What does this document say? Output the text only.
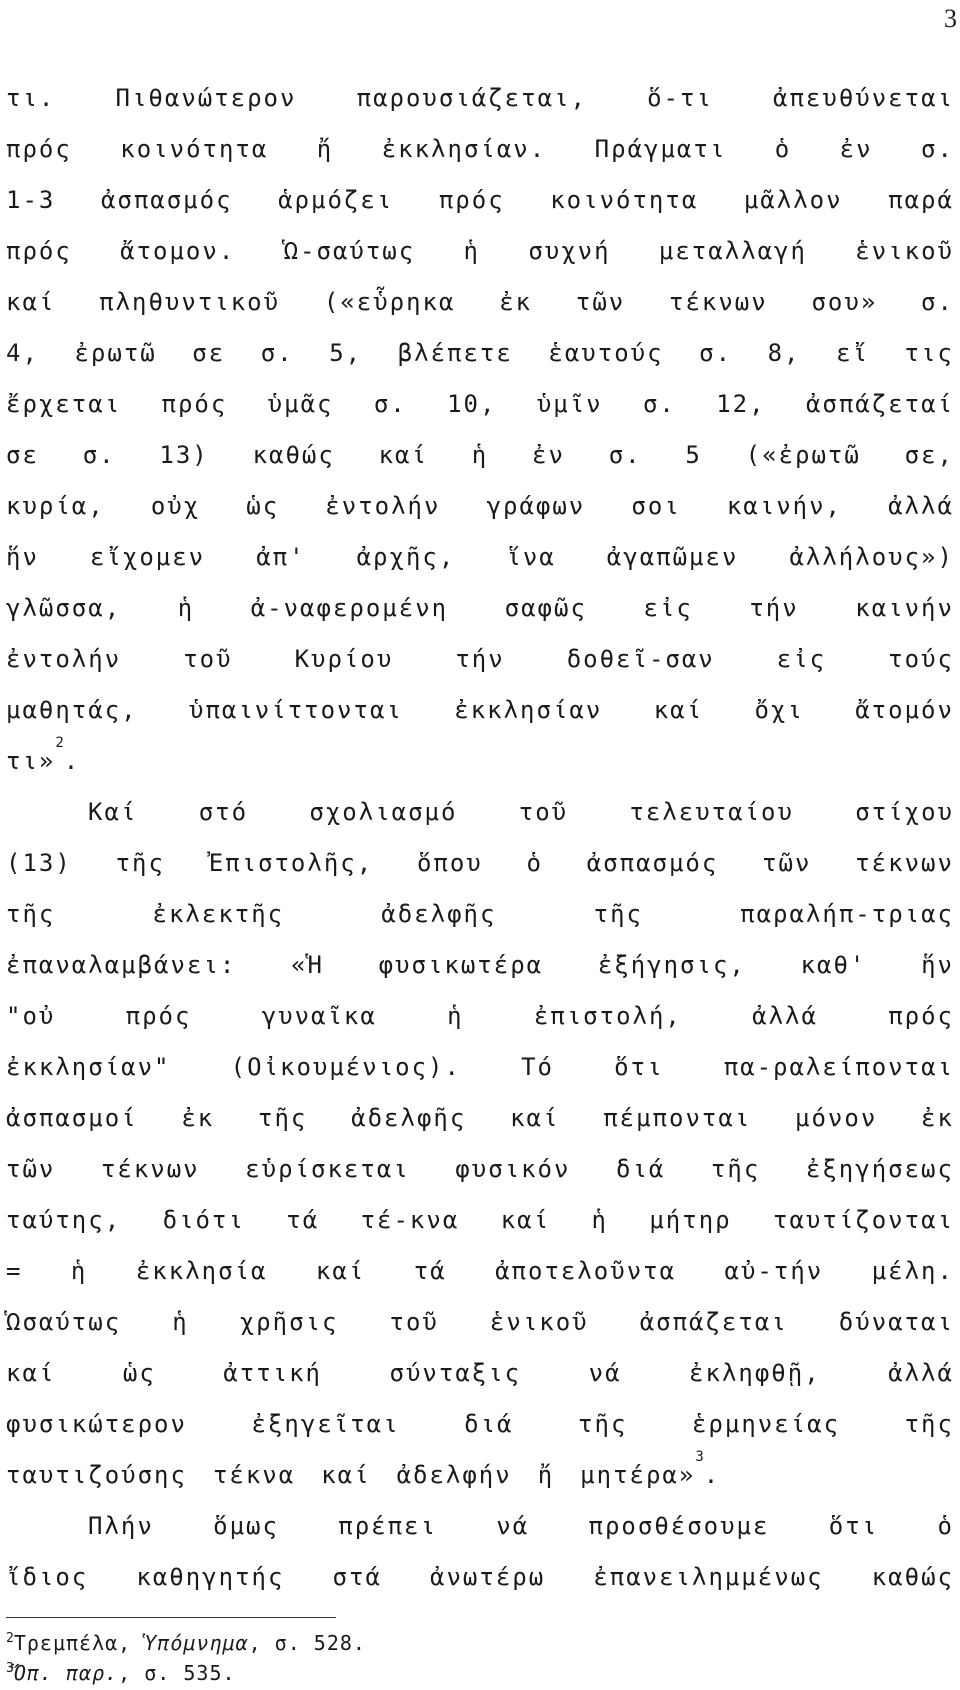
3
τι.	Πιθανώτερον	παρουσιάζεται,	ὅ-τι	ἀπευθύνεται
πρός κοινότητα ἤ ἐκκλησίαν. Πράγματι ὁ ἐν σ.
1-3 ἀσπασμός ἁρμόζει πρός κοινότητα μᾶλλον παρά
πρός ἄτομον. Ὡ-σαύτως ἡ συχνή μεταλλαγή ἑνικοῦ
καί πληθυντικοῦ («εὗρηκα ἐκ τῶν τέκνων σου» σ.
4, ἐρωτῶ σε σ. 5, βλέπετε ἑαυτούς σ. 8, εἴ τις
ἔρχεται πρός ὑμᾶς σ. 10, ὑμῖν σ. 12, ἀσπάζεταί
σε σ. 13) καθώς καί ἡ ἐν σ. 5 («ἐρωτῶ σε,
κυρία, οὐχ ὡς ἐντολήν γράφων σοι καινήν, ἀλλά
ἥν εἴχομεν ἀπ' ἀρχῆς, ἵνα ἀγαπῶμεν ἀλλήλους»)
γλῶσσα, ἡ ἀ-ναφερομένη σαφῶς εἰς τήν καινήν
ἐντολήν	τοῦ	Κυρίου	τήν	δοθεῖ-σαν	εἰς	τούς
μαθητάς, ὑπαινίττονται ἐκκλησίαν καί ὄχι ἄτομόν
τι»
2
.
Καί	στό	σχολιασμό	τοῦ	τελευταίου	στίχου
(13) τῆς Ἐπιστολῆς, ὅπου ὁ ἀσπασμός τῶν τέκνων
τῆς	ἐκλεκτῆς	ἀδελφῆς	τῆς	παραλήπ-τριας
ἐπαναλαμβάνει: «Ἡ φυσικωτέρα ἐξήγησις, καθ' ἥν
"οὐ	πρός	γυναῖκα	ἡ	ἐπιστολή,	ἀλλά	πρός
ἐκκλησίαν"	(Οἰκουμένιος).	Τό	ὅτι	πα-ραλείπονται
ἀσπασμοί ἐκ τῆς ἀδελφῆς καί πέμπονται μόνον ἐκ
τῶν τέκνων εὑρίσκεται φυσικόν διά τῆς ἐξηγήσεως
ταύτης, διότι τά τέ-κνα καί ἡ μήτηρ ταυτίζονται
= ἡ ἐκκλησία καί τά ἀποτελοῦντα αὐ-τήν μέλη.
Ὡσαύτως ἡ χρῆσις τοῦ ἑνικοῦ ἀσπάζεται δύναται
καί	ὡς	ἀττική	σύνταξις	νά	ἐκληφθῇ,	ἀλλά
φυσικώτερον	ἐξηγεῖται	διά	τῆς	ἑρμηνείας	τῆς
ταυτιζούσης τέκνα καί ἀδελφήν ἤ μητέρα»
3
.
Πλήν ὅμως πρέπει νά προσθέσουμε ὅτι ὁ
ἴδιος καθηγητής στά ἀνωτέρω ἐπανειλημμένως καθώς
$^2$Τρεμπέλα, Ὑπόμνημα, σ. 528.
$^3$Ὅπ. παρ., σ. 535.
